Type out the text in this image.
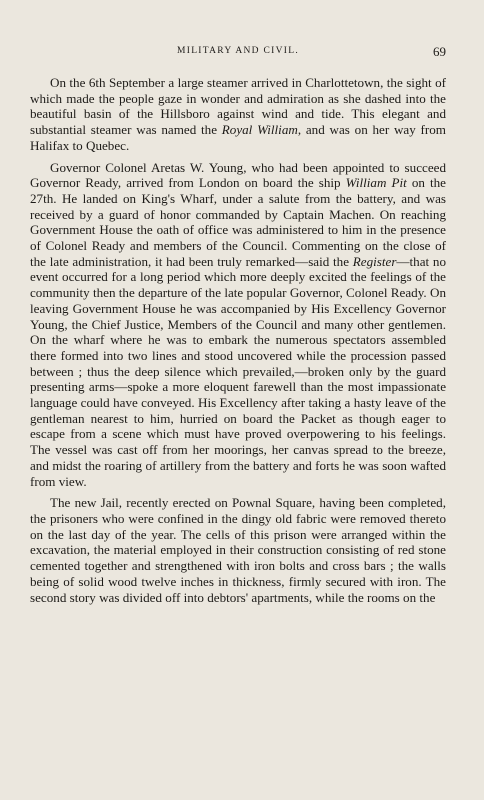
MILITARY AND CIVIL.	69

On the 6th September a large steamer arrived in Charlottetown, the sight of which made the people gaze in wonder and admiration as she dashed into the beautiful basin of the Hillsboro against wind and tide. This elegant and substantial steamer was named the Royal William, and was on her way from Halifax to Quebec.

Governor Colonel Aretas W. Young, who had been appointed to succeed Governor Ready, arrived from London on board the ship William Pit on the 27th. He landed on King's Wharf, under a salute from the battery, and was received by a guard of honor commanded by Captain Machen. On reaching Government House the oath of office was administered to him in the presence of Colonel Ready and members of the Council. Commenting on the close of the late administration, it had been truly remarked—said the Register—that no event occurred for a long period which more deeply excited the feelings of the community then the departure of the late popular Governor, Colonel Ready. On leaving Government House he was accompanied by His Excellency Governor Young, the Chief Justice, Members of the Council and many other gentlemen. On the wharf where he was to embark the numerous spectators assembled there formed into two lines and stood uncovered while the procession passed between ; thus the deep silence which prevailed,—broken only by the guard presenting arms—spoke a more eloquent farewell than the most impassionate language could have conveyed. His Excellency after taking a hasty leave of the gentleman nearest to him, hurried on board the Packet as though eager to escape from a scene which must have proved overpowering to his feelings. The vessel was cast off from her moorings, her canvas spread to the breeze, and midst the roaring of artillery from the battery and forts he was soon wafted from view.

The new Jail, recently erected on Pownal Square, having been completed, the prisoners who were confined in the dingy old fabric were removed thereto on the last day of the year. The cells of this prison were arranged within the excavation, the material employed in their construction consisting of red stone cemented together and strengthened with iron bolts and cross bars ; the walls being of solid wood twelve inches in thickness, firmly secured with iron. The second story was divided off into debtors' apartments, while the rooms on the
